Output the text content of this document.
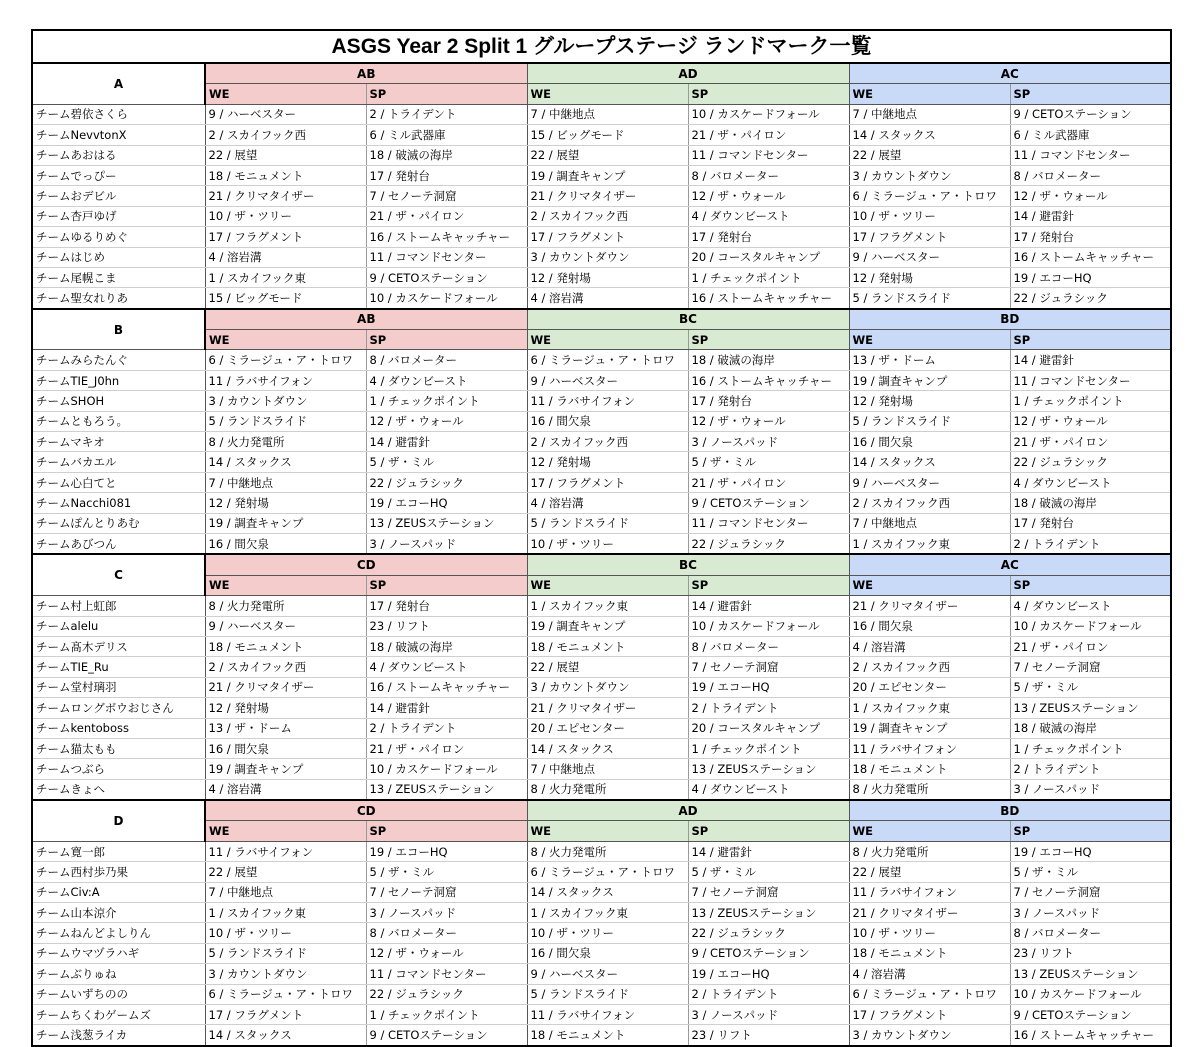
ASGS Year 2 Split 1 グループステージ ランドマーク一覧						
A	AB		AD		AC	
	WE	SP	WE	SP	WE	SP
チーム碧依さくら	9 / ハーベスター	2 / トライデント	7 / 中継地点	10 / カスケードフォール	7 / 中継地点	9 / CETOステーション
チームNevvtonX	2 / スカイフック西	6 / ミル武器庫	15 / ビッグモード	21 / ザ・パイロン	14 / スタックス	6 / ミル武器庫
チームあおはる	22 / 展望	18 / 破滅の海岸	22 / 展望	11 / コマンドセンター	22 / 展望	11 / コマンドセンター
チームでっぴー	18 / モニュメント	17 / 発射台	19 / 調査キャンプ	8 / バロメーター	3 / カウントダウン	8 / バロメーター
チームおデビル	21 / クリマタイザー	7 / セノーテ洞窟	21 / クリマタイザー	12 / ザ・ウォール	6 / ミラージュ・ア・トロワ	12 / ザ・ウォール
チーム杏戸ゆげ	10 / ザ・ツリー	21 / ザ・パイロン	2 / スカイフック西	4 / ダウンビースト	10 / ザ・ツリー	14 / 避雷針
チームゆるりめぐ	17 / フラグメント	16 / ストームキャッチャー	17 / フラグメント	17 / 発射台	17 / フラグメント	17 / 発射台
チームはじめ	4 / 溶岩溝	11 / コマンドセンター	3 / カウントダウン	20 / コースタルキャンプ	9 / ハーベスター	16 / ストームキャッチャー
チーム尾幌こま	1 / スカイフック東	9 / CETOステーション	12 / 発射場	1 / チェックポイント	12 / 発射場	19 / エコーHQ
チーム聖女れりあ	15 / ビッグモード	10 / カスケードフォール	4 / 溶岩溝	16 / ストームキャッチャー	5 / ランドスライド	22 / ジュラシック
B	AB		BC		BD	
	WE	SP	WE	SP	WE	SP
チームみらたんぐ	6 / ミラージュ・ア・トロワ	8 / バロメーター	6 / ミラージュ・ア・トロワ	18 / 破滅の海岸	13 / ザ・ドーム	14 / 避雷針
チームTIE_J0hn	11 / ラバサイフォン	4 / ダウンビースト	9 / ハーベスター	16 / ストームキャッチャー	19 / 調査キャンプ	11 / コマンドセンター
チームSHOH	3 / カウントダウン	1 / チェックポイント	11 / ラバサイフォン	17 / 発射台	12 / 発射場	1 / チェックポイント
チームともろう。	5 / ランドスライド	12 / ザ・ウォール	16 / 間欠泉	12 / ザ・ウォール	5 / ランドスライド	12 / ザ・ウォール
チームマキオ	8 / 火力発電所	14 / 避雷針	2 / スカイフック西	3 / ノースパッド	16 / 間欠泉	21 / ザ・パイロン
チームバカエル	14 / スタックス	5 / ザ・ミル	12 / 発射場	5 / ザ・ミル	14 / スタックス	22 / ジュラシック
チーム心白てと	7 / 中継地点	22 / ジュラシック	17 / フラグメント	21 / ザ・パイロン	9 / ハーベスター	4 / ダウンビースト
チームNacchi081	12 / 発射場	19 / エコーHQ	4 / 溶岩溝	9 / CETOステーション	2 / スカイフック西	18 / 破滅の海岸
チームぽんとりあむ	19 / 調査キャンプ	13 / ZEUSステーション	5 / ランドスライド	11 / コマンドセンター	7 / 中継地点	17 / 発射台
チームあびつん	16 / 間欠泉	3 / ノースパッド	10 / ザ・ツリー	22 / ジュラシック	1 / スカイフック東	2 / トライデント
C	CD		BC		AC	
	WE	SP	WE	SP	WE	SP
チーム村上虹郎	8 / 火力発電所	17 / 発射台	1 / スカイフック東	14 / 避雷針	21 / クリマタイザー	4 / ダウンビースト
チームalelu	9 / ハーベスター	23 / リフト	19 / 調査キャンプ	10 / カスケードフォール	16 / 間欠泉	10 / カスケードフォール
チーム髙木デリス	18 / モニュメント	18 / 破滅の海岸	18 / モニュメント	8 / バロメーター	4 / 溶岩溝	21 / ザ・パイロン
チームTIE_Ru	2 / スカイフック西	4 / ダウンビースト	22 / 展望	7 / セノーテ洞窟	2 / スカイフック西	7 / セノーテ洞窟
チーム堂村璃羽	21 / クリマタイザー	16 / ストームキャッチャー	3 / カウントダウン	19 / エコーHQ	20 / エピセンター	5 / ザ・ミル
チームロングボウおじさん	12 / 発射場	14 / 避雷針	21 / クリマタイザー	2 / トライデント	1 / スカイフック東	13 / ZEUSステーション
チームkentoboss	13 / ザ・ドーム	2 / トライデント	20 / エピセンター	20 / コースタルキャンプ	19 / 調査キャンプ	18 / 破滅の海岸
チーム猫太もも	16 / 間欠泉	21 / ザ・パイロン	14 / スタックス	1 / チェックポイント	11 / ラバサイフォン	1 / チェックポイント
チームつぶら	19 / 調査キャンプ	10 / カスケードフォール	7 / 中継地点	13 / ZEUSステーション	18 / モニュメント	2 / トライデント
チームきょへ	4 / 溶岩溝	13 / ZEUSステーション	8 / 火力発電所	4 / ダウンビースト	8 / 火力発電所	3 / ノースパッド
D	CD		AD		BD	
	WE	SP	WE	SP	WE	SP
チーム寛一郎	11 / ラバサイフォン	19 / エコーHQ	8 / 火力発電所	14 / 避雷針	8 / 火力発電所	19 / エコーHQ
チーム西村歩乃果	22 / 展望	5 / ザ・ミル	6 / ミラージュ・ア・トロワ	5 / ザ・ミル	22 / 展望	5 / ザ・ミル
チームCiv:A	7 / 中継地点	7 / セノーテ洞窟	14 / スタックス	7 / セノーテ洞窟	11 / ラバサイフォン	7 / セノーテ洞窟
チーム山本涼介	1 / スカイフック東	3 / ノースパッド	1 / スカイフック東	13 / ZEUSステーション	21 / クリマタイザー	3 / ノースパッド
チームねんどよしりん	10 / ザ・ツリー	8 / バロメーター	10 / ザ・ツリー	22 / ジュラシック	10 / ザ・ツリー	8 / バロメーター
チームウマヅラハギ	5 / ランドスライド	12 / ザ・ウォール	16 / 間欠泉	9 / CETOステーション	18 / モニュメント	23 / リフト
チームぶりゅね	3 / カウントダウン	11 / コマンドセンター	9 / ハーベスター	19 / エコーHQ	4 / 溶岩溝	13 / ZEUSステーション
チームいずちのの	6 / ミラージュ・ア・トロワ	22 / ジュラシック	5 / ランドスライド	2 / トライデント	6 / ミラージュ・ア・トロワ	10 / カスケードフォール
チームちくわゲームズ	17 / フラグメント	1 / チェックポイント	11 / ラバサイフォン	3 / ノースパッド	17 / フラグメント	9 / CETOステーション
チーム浅葱ライカ	14 / スタックス	9 / CETOステーション	18 / モニュメント	23 / リフト	3 / カウントダウン	16 / ストームキャッチャー
